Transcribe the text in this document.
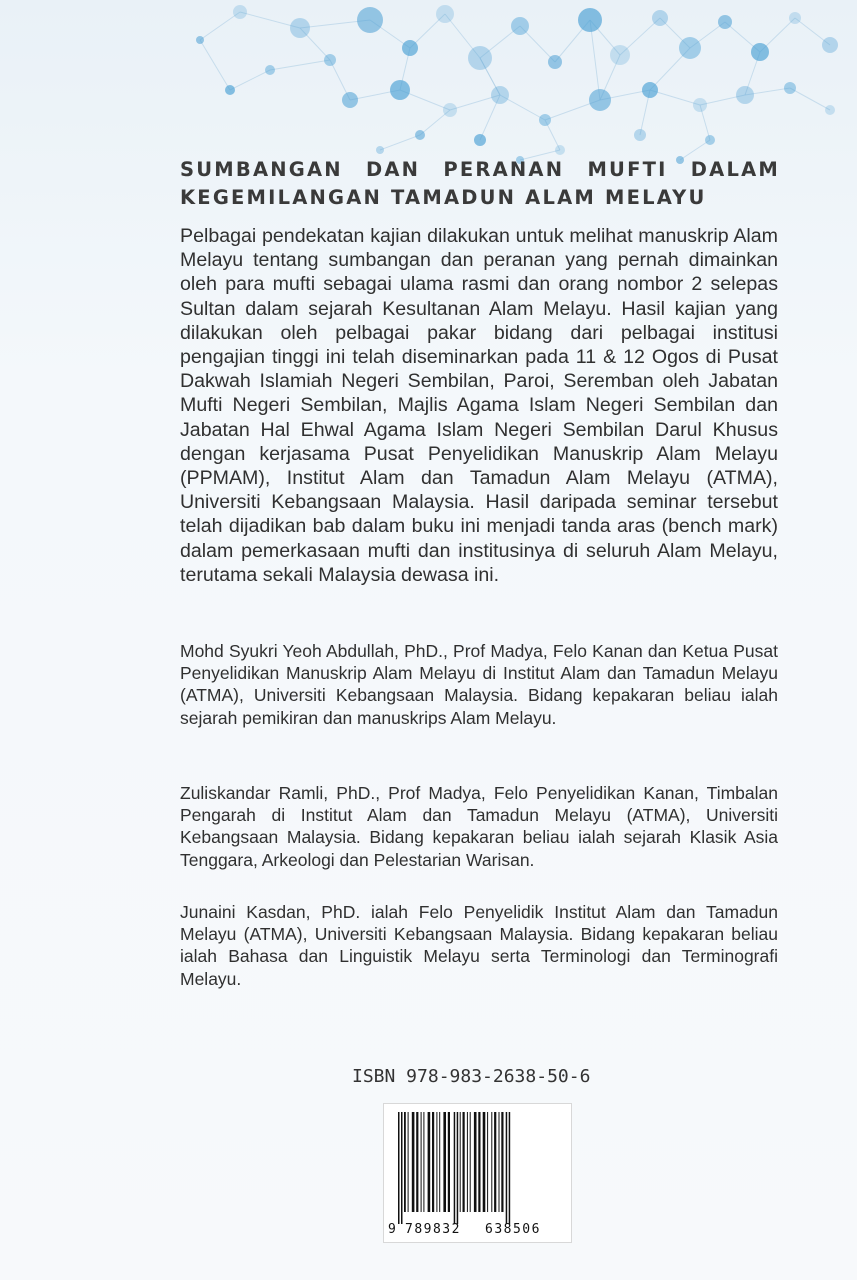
SUMBANGAN DAN PERANAN MUFTI DALAM
KEGEMILANGAN TAMADUN ALAM MELAYU

Pelbagai pendekatan kajian dilakukan untuk melihat manuskrip Alam Melayu tentang sumbangan dan peranan yang pernah dimainkan oleh para mufti sebagai ulama rasmi dan orang nombor 2 selepas Sultan dalam sejarah Kesultanan Alam Melayu. Hasil kajian yang dilakukan oleh pelbagai pakar bidang dari pelbagai institusi pengajian tinggi ini telah diseminarkan pada 11 & 12 Ogos di Pusat Dakwah Islamiah Negeri Sembilan, Paroi, Seremban oleh Jabatan Mufti Negeri Sembilan, Majlis Agama Islam Negeri Sembilan dan Jabatan Hal Ehwal Agama Islam Negeri Sembilan Darul Khusus dengan kerjasama Pusat Penyelidikan Manuskrip Alam Melayu (PPMAM), Institut Alam dan Tamadun Alam Melayu (ATMA), Universiti Kebangsaan Malaysia. Hasil daripada seminar tersebut telah dijadikan bab dalam buku ini menjadi tanda aras (bench mark) dalam pemerkasaan mufti dan institusinya di seluruh Alam Melayu, terutama sekali Malaysia dewasa ini.

Mohd Syukri Yeoh Abdullah, PhD., Prof Madya, Felo Kanan dan Ketua Pusat Penyelidikan Manuskrip Alam Melayu di Institut Alam dan Tamadun Melayu (ATMA), Universiti Kebangsaan Malaysia. Bidang kepakaran beliau ialah sejarah pemikiran dan manuskrips Alam Melayu.

Zuliskandar Ramli, PhD., Prof Madya, Felo Penyelidikan Kanan, Timbalan Pengarah di Institut Alam dan Tamadun Melayu (ATMA), Universiti Kebangsaan Malaysia. Bidang kepakaran beliau ialah sejarah Klasik Asia Tenggara, Arkeologi dan Pelestarian Warisan.

Junaini Kasdan, PhD. ialah Felo Penyelidik Institut Alam dan Tamadun Melayu (ATMA), Universiti Kebangsaan Malaysia. Bidang kepakaran beliau ialah Bahasa dan Linguistik Melayu serta Terminologi dan Terminografi Melayu.

ISBN 978-983-2638-50-6
9 789832 638506
